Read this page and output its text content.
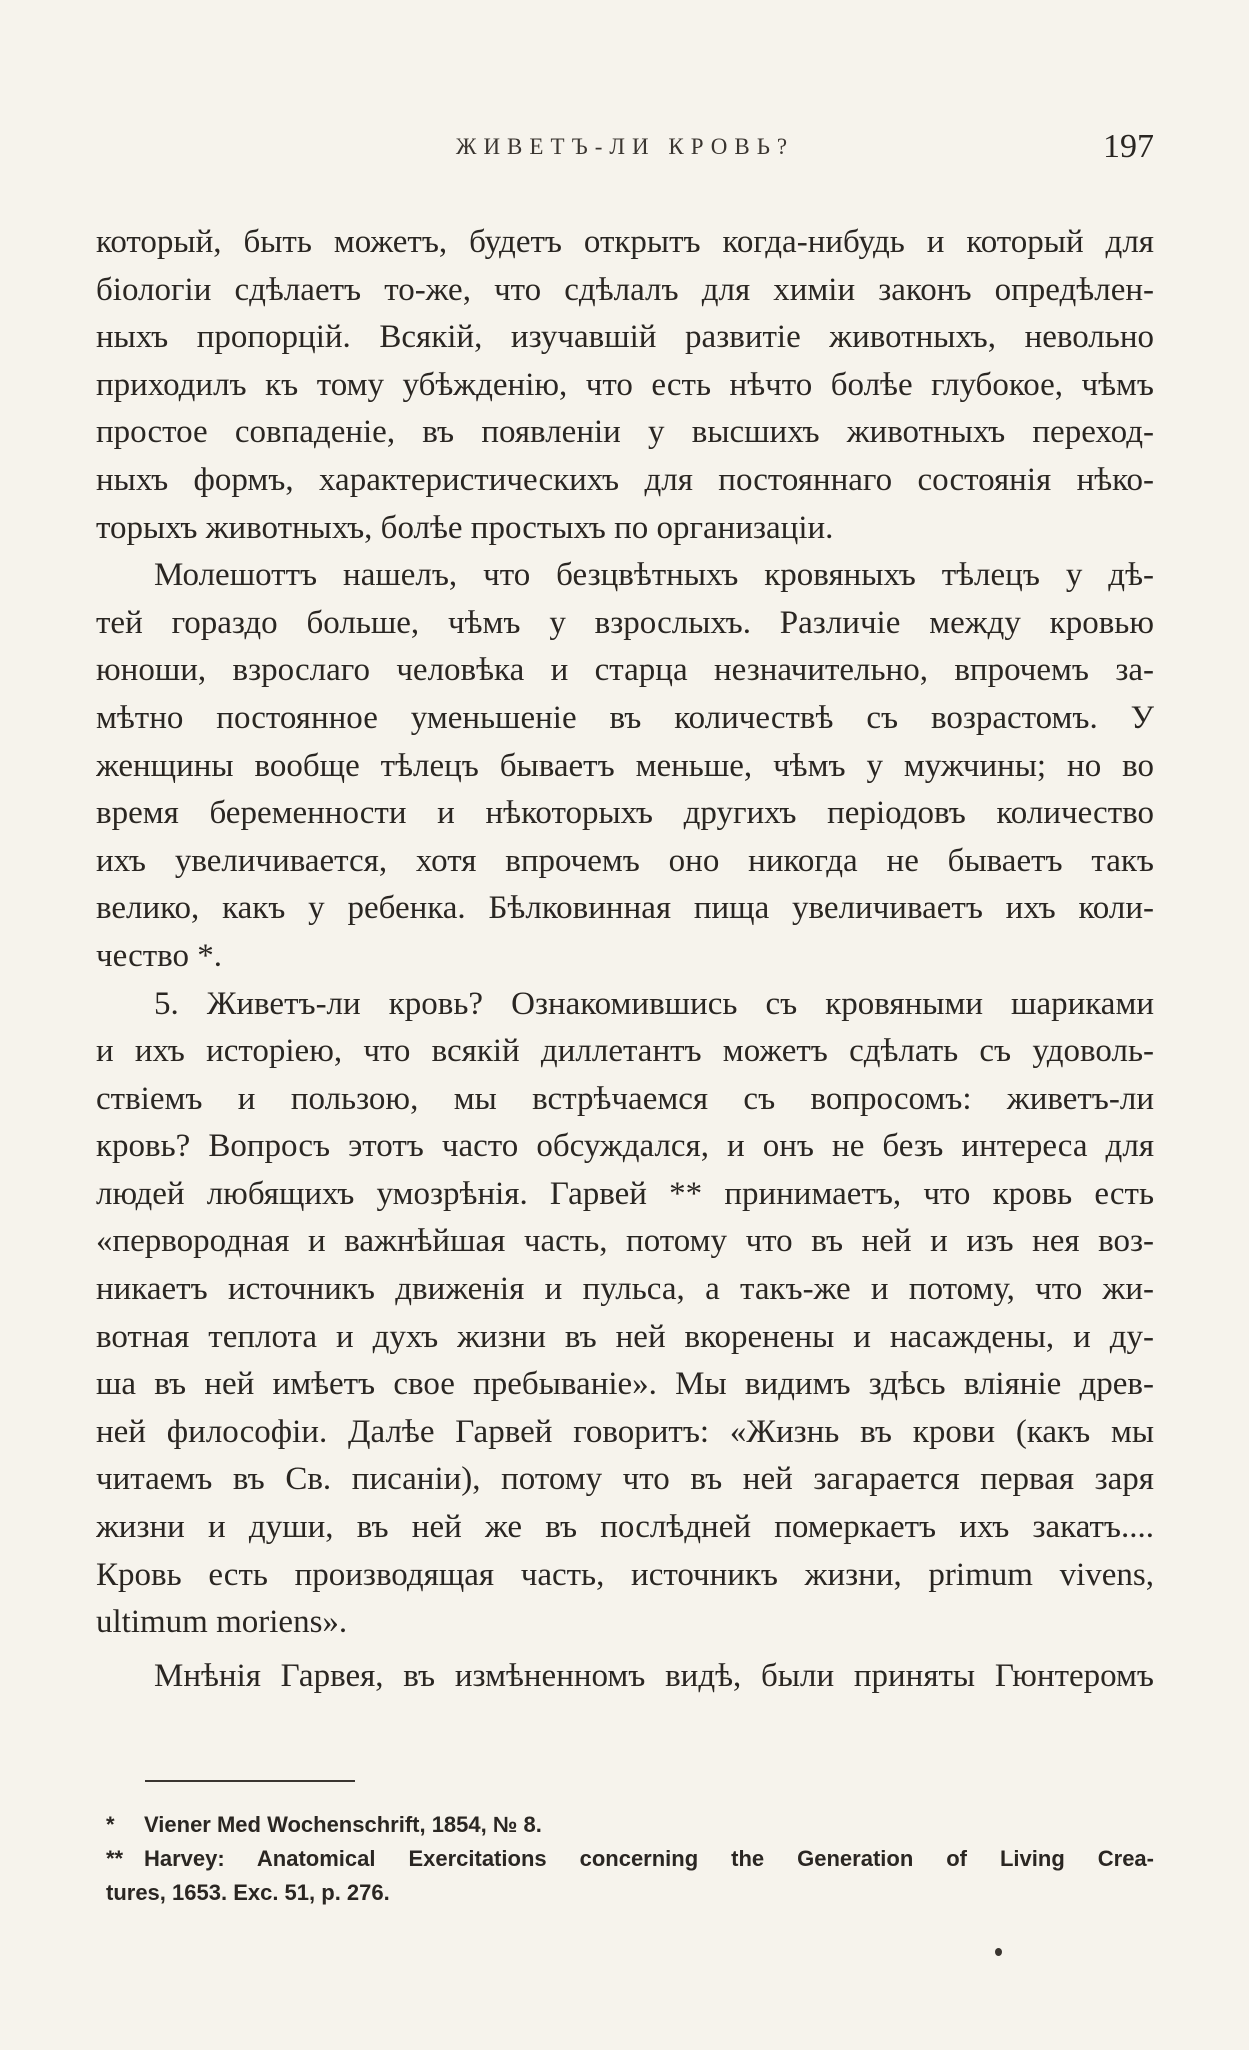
ЖИВЕТЪ-ЛИ КРОВЬ?	197
который, быть можетъ, будетъ открытъ когда-нибудь и который для
біологіи сдѣлаетъ то-же, что сдѣлалъ для химіи законъ опредѣлен-
ныхъ пропорцій. Всякій, изучавшій развитіе животныхъ, невольно
приходилъ къ тому убѣжденію, что есть нѣчто болѣе глубокое, чѣмъ
простое совпаденіе, въ появленіи у высшихъ животныхъ переход-
ныхъ формъ, характеристическихъ для постояннаго состоянія нѣко-
торыхъ животныхъ, болѣе простыхъ по организаціи.
Молешоттъ нашелъ, что безцвѣтныхъ кровяныхъ тѣлецъ у дѣ-
тей гораздо больше, чѣмъ у взрослыхъ. Различіе между кровью
юноши, взрослаго человѣка и старца незначительно, впрочемъ за-
мѣтно постоянное уменьшеніе въ количествѣ съ возрастомъ. У
женщины вообще тѣлецъ бываетъ меньше, чѣмъ у мужчины; но во
время беременности и нѣкоторыхъ другихъ періодовъ количество
ихъ увеличивается, хотя впрочемъ оно никогда не бываетъ такъ
велико, какъ у ребенка. Бѣлковинная пища увеличиваетъ ихъ коли-
чество *.
5. Живетъ-ли кровь? Ознакомившись съ кровяными шариками
и ихъ исторіею, что всякій диллетантъ можетъ сдѣлать съ удоволь-
ствіемъ и пользою, мы встрѣчаемся съ вопросомъ: живетъ-ли
кровь? Вопросъ этотъ часто обсуждался, и онъ не безъ интереса для
людей любящихъ умозрѣнія. Гарвей ** принимаетъ, что кровь есть
«первородная и важнѣйшая часть, потому что въ ней и изъ нея воз-
никаетъ источникъ движенія и пульса, а такъ-же и потому, что жи-
вотная теплота и духъ жизни въ ней вкоренены и насаждены, и ду-
ша въ ней имѣетъ свое пребываніе». Мы видимъ здѣсь вліяніе древ-
ней философіи. Далѣе Гарвей говоритъ: «Жизнь въ крови (какъ мы
читаемъ въ Св. писаніи), потому что въ ней загарается первая заря
жизни и души, въ ней же въ послѣдней померкаетъ ихъ закатъ....
Кровь есть производящая часть, источникъ жизни, primum vivens,
ultimum moriens».
Мнѣнія Гарвея, въ измѣненномъ видѣ, были приняты Гюнтеромъ
* Viener Med Wochenschrift, 1854, № 8.
** Harvey: Anatomical Exercitations concerning the Generation of Living Crea-
tures, 1653. Exc. 51, p. 276.
